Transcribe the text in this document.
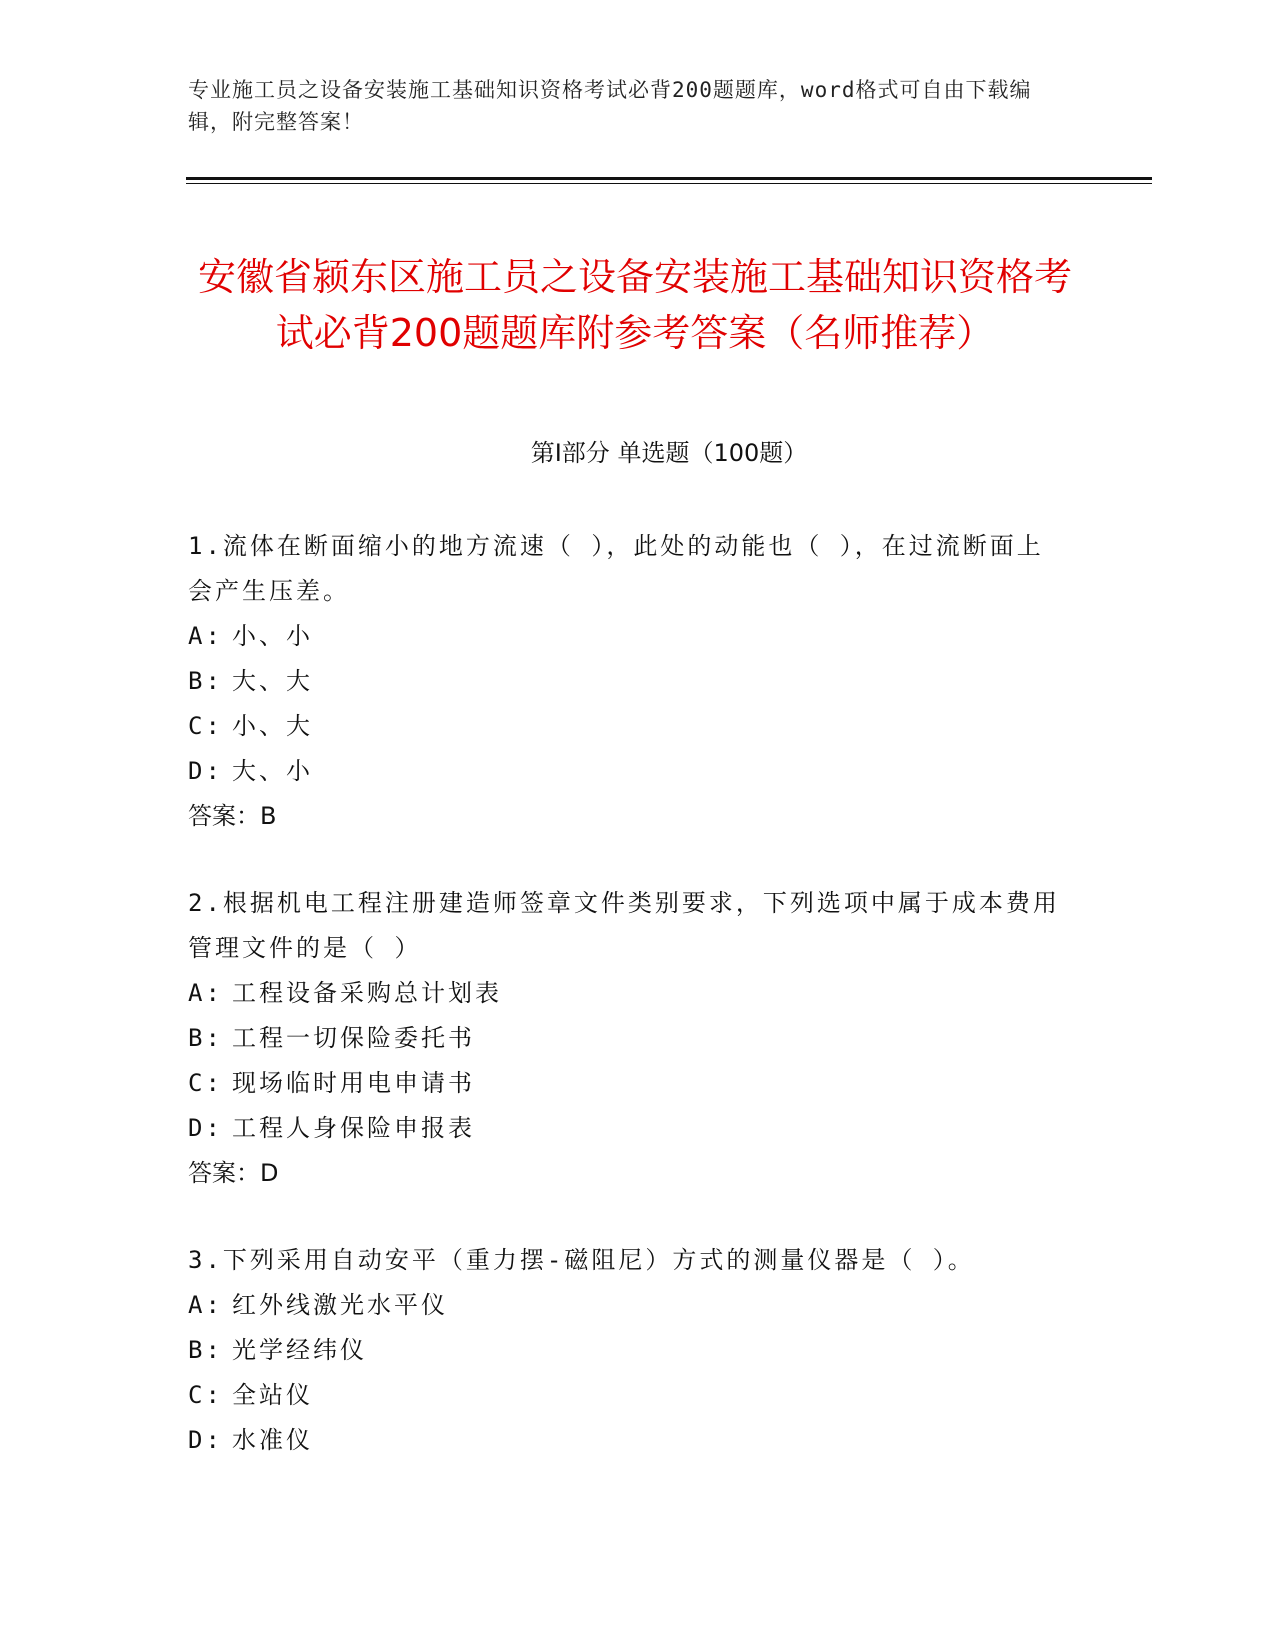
专业施工员之设备安装施工基础知识资格考试必背200题题库，word格式可自由下载编辑，附完整答案！
安徽省颍东区施工员之设备安装施工基础知识资格考试必背200题题库附参考答案（名师推荐）
第I部分 单选题（100题）
1.流体在断面缩小的地方流速（ ），此处的动能也（ ），在过流断面上会产生压差。
A: 小、小
B: 大、大
C: 小、大
D: 大、小
答案：B
2.根据机电工程注册建造师签章文件类别要求，下列选项中属于成本费用管理文件的是（ ）
A: 工程设备采购总计划表
B: 工程一切保险委托书
C: 现场临时用电申请书
D: 工程人身保险申报表
答案：D
3.下列采用自动安平（重力摆-磁阻尼）方式的测量仪器是（ ）。
A: 红外线激光水平仪
B: 光学经纬仪
C: 全站仪
D: 水准仪
